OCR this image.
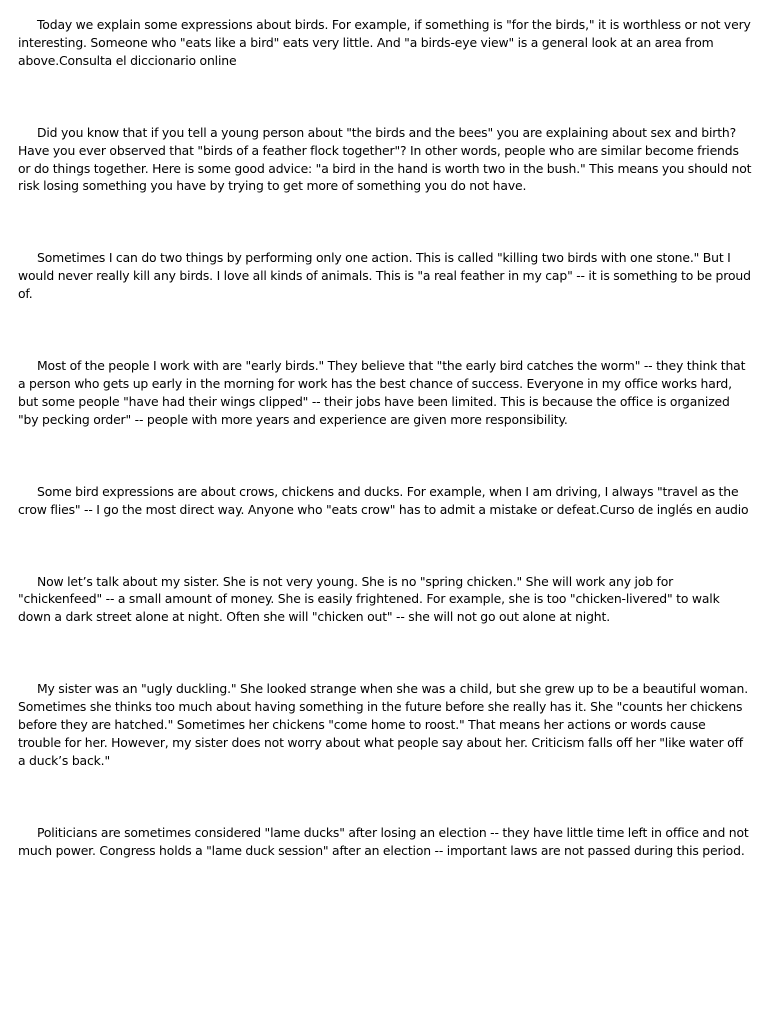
Today we explain some expressions about birds. For example, if something is "for the birds," it is worthless or not very interesting. Someone who "eats like a bird" eats very little. And "a birds-eye view" is a general look at an area from above.Consulta el diccionario online

Did you know that if you tell a young person about "the birds and the bees" you are explaining about sex and birth? Have you ever observed that "birds of a feather flock together"? In other words, people who are similar become friends or do things together. Here is some good advice: "a bird in the hand is worth two in the bush." This means you should not risk losing something you have by trying to get more of something you do not have.

Sometimes I can do two things by performing only one action. This is called "killing two birds with one stone." But I would never really kill any birds. I love all kinds of animals. This is "a real feather in my cap" -- it is something to be proud of.

Most of the people I work with are "early birds." They believe that "the early bird catches the worm" -- they think that a person who gets up early in the morning for work has the best chance of success. Everyone in my office works hard, but some people "have had their wings clipped" -- their jobs have been limited. This is because the office is organized "by pecking order" -- people with more years and experience are given more responsibility.

Some bird expressions are about crows, chickens and ducks. For example, when I am driving, I always "travel as the crow flies" -- I go the most direct way. Anyone who "eats crow" has to admit a mistake or defeat.Curso de inglés en audio

Now let’s talk about my sister. She is not very young. She is no "spring chicken." She will work any job for "chickenfeed" -- a small amount of money. She is easily frightened. For example, she is too "chicken-livered" to walk down a dark street alone at night. Often she will "chicken out" -- she will not go out alone at night.

My sister was an "ugly duckling." She looked strange when she was a child, but she grew up to be a beautiful woman. Sometimes she thinks too much about having something in the future before she really has it. She "counts her chickens before they are hatched." Sometimes her chickens "come home to roost." That means her actions or words cause trouble for her. However, my sister does not worry about what people say about her. Criticism falls off her "like water off a duck’s back."

Politicians are sometimes considered "lame ducks" after losing an election -- they have little time left in office and not much power. Congress holds a "lame duck session" after an election -- important laws are not passed during this period.
